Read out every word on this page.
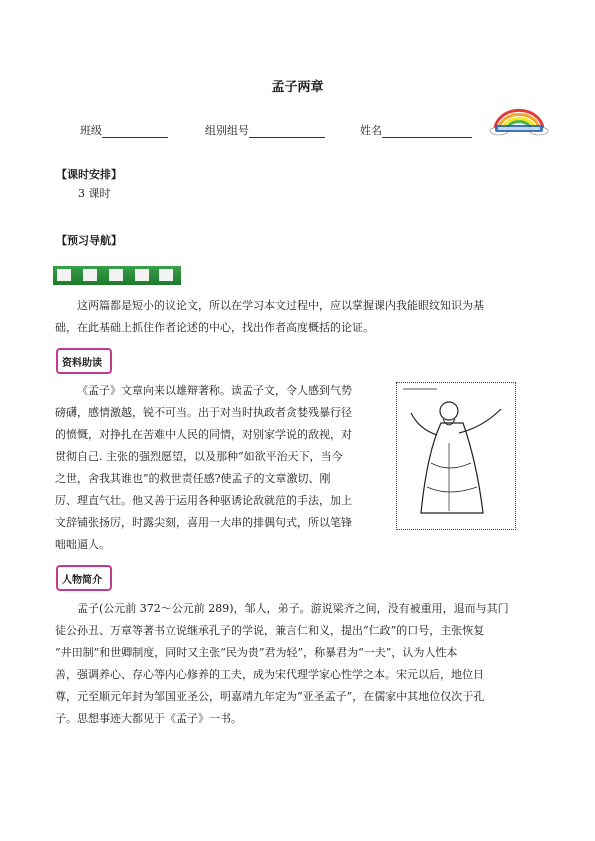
孟子两章
班级	组别组号	姓名
【课时安排】
3 课时
【预习导航】
这两篇都是短小的议论文，所以在学习本文过程中，应以掌握课内我能眼纹知识为基
础，在此基础上抓住作者论述的中心，找出作者高度概括的论证。
资料助读
《孟子》文章向来以雄辩著称。读孟子文，令人感到气势
磅礴，感情激越，锐不可当。出于对当时执政者贪婪残暴行径
的愤慨，对挣扎在苦难中人民的同情，对别家学说的敌视，对
贯彻自己. 主张的强烈愿望，以及那种“如欲平治天下，当今
之世，舍我其谁也”的救世责任感?使孟子的文章激切、刚
厉、理直气壮。他又善于运用各种驱诱论敌就范的手法，加上
文辞铺张扬厉，时露尖刻，喜用一大串的排偶句式，所以笔锋
咄咄逼人。
人物简介
孟子(公元前 372～公元前 289)，邹人，弟子。游说梁齐之间，没有被重用，退而与其门
徒公孙丑、万章等著书立说继承孔子的学说，兼言仁和义，提出“仁政”的口号，主张恢复
“井田制”和世卿制度，同时又主张“民为贵”君为轻”，称暴君为“一夫”，认为人性本
善，强调养心、存心等内心修养的工夫，成为宋代理学家心性学之本。宋元以后，地位日
尊，元至顺元年封为邹国亚圣公，明嘉靖九年定为“亚圣孟子”，在儒家中其地位仅次于孔
子。思想事迹大都见于《孟子》一书。
